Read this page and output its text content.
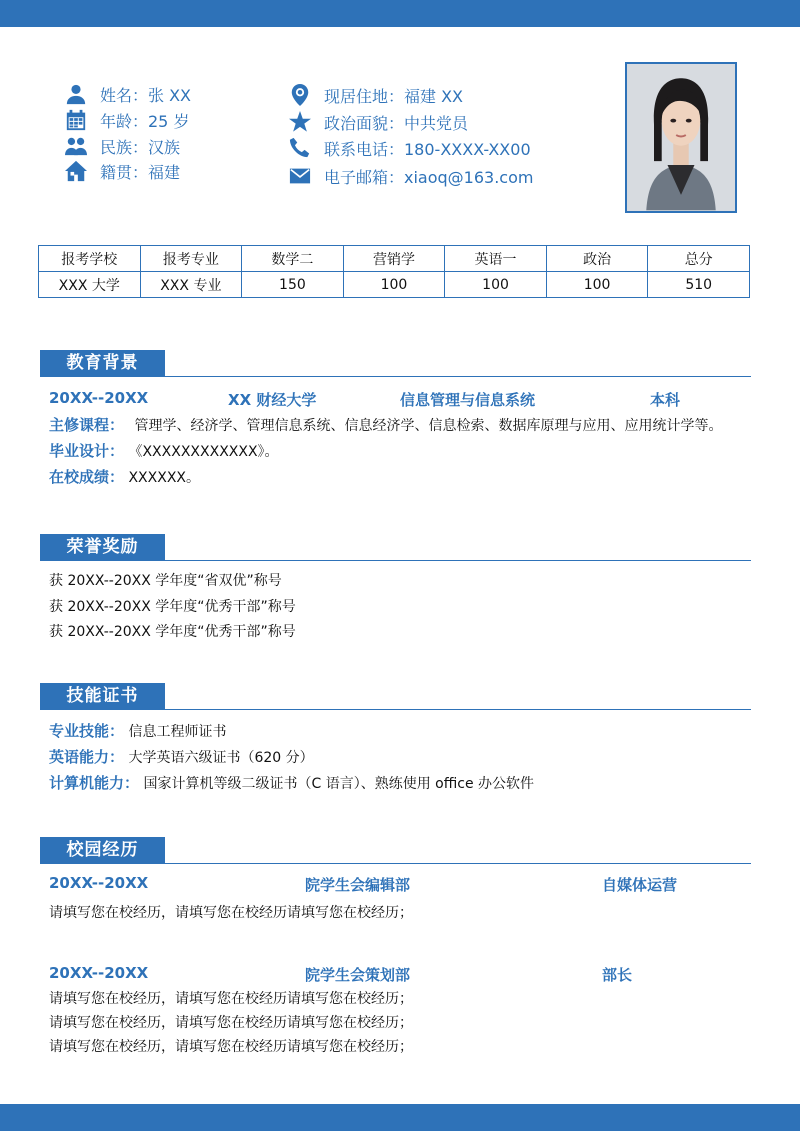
姓名：张 XX
年龄：25 岁
民族：汉族
籍贯：福建
现居住地：福建 XX
政治面貌：中共党员
联系电话：180-XXXX-XX00
电子邮箱：xiaoq@163.com
报考学校	报考专业	数学二	营销学	英语一	政治	总分
XXX 大学	XXX 专业	150	100	100	100	510
教育背景
20XX--20XX	XX 财经大学	信息管理与信息系统	本科
主修课程： 管理学、经济学、管理信息系统、信息经济学、信息检索、数据库原理与应用、应用统计学等。
毕业设计： 《XXXXXXXXXXXX》。
在校成绩： XXXXXX。
荣誉奖励
获 20XX--20XX 学年度“省双优”称号
获 20XX--20XX 学年度“优秀干部”称号
获 20XX--20XX 学年度“优秀干部”称号
技能证书
专业技能： 信息工程师证书
英语能力： 大学英语六级证书（620 分）
计算机能力： 国家计算机等级二级证书（C 语言）、熟练使用 office 办公软件
校园经历
20XX--20XX	院学生会编辑部	自媒体运营
请填写您在校经历，请填写您在校经历请填写您在校经历；
20XX--20XX	院学生会策划部	部长
请填写您在校经历，请填写您在校经历请填写您在校经历；
请填写您在校经历，请填写您在校经历请填写您在校经历；
请填写您在校经历，请填写您在校经历请填写您在校经历；
